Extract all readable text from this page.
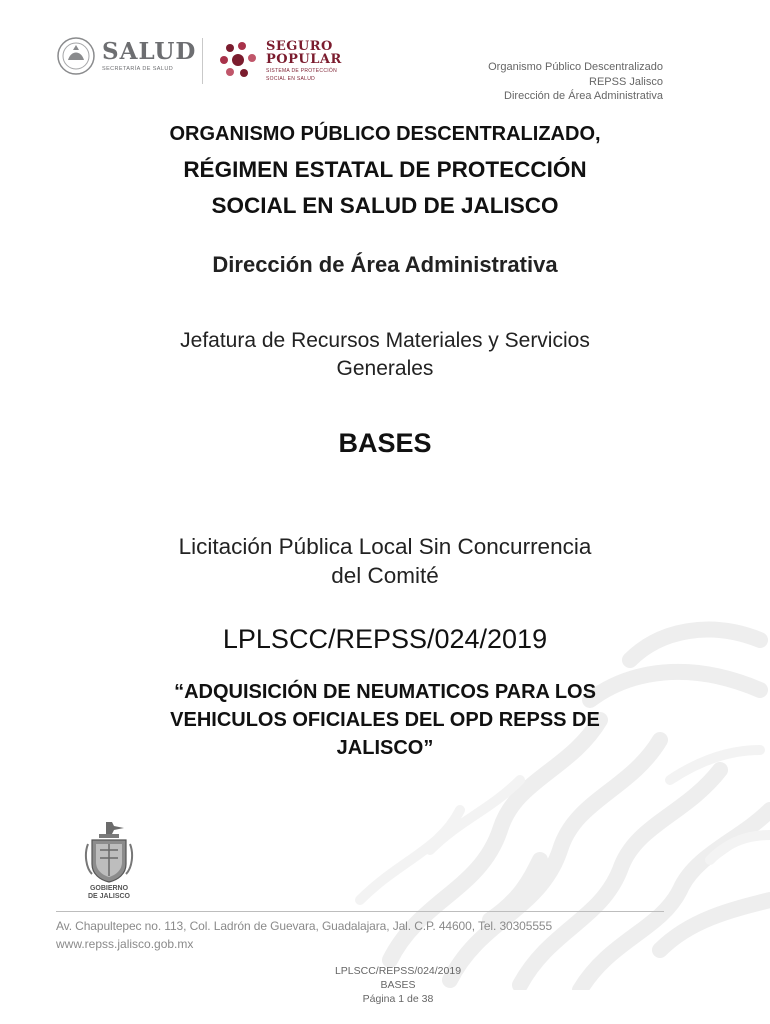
SALUD
SECRETARÍA DE SALUD
SEGURO
POPULAR
SISTEMA DE PROTECCIÓN
SOCIAL EN SALUD
Organismo Público Descentralizado
REPSS Jalisco
Dirección de Área Administrativa
ORGANISMO PÚBLICO DESCENTRALIZADO,
RÉGIMEN ESTATAL DE PROTECCIÓN
SOCIAL EN SALUD DE JALISCO
Dirección de Área Administrativa
Jefatura de Recursos Materiales y Servicios
Generales
BASES
Licitación Pública Local Sin Concurrencia
del Comité
LPLSCC/REPSS/024/2019
“ADQUISICIÓN DE NEUMATICOS PARA LOS
VEHICULOS OFICIALES DEL OPD REPSS DE
JALISCO”
GOBIERNO
DE JALISCO
Av. Chapultepec no. 113, Col. Ladrón de Guevara, Guadalajara, Jal. C.P. 44600, Tel. 30305555
www.repss.jalisco.gob.mx
LPLSCC/REPSS/024/2019
BASES
Página 1 de 38
